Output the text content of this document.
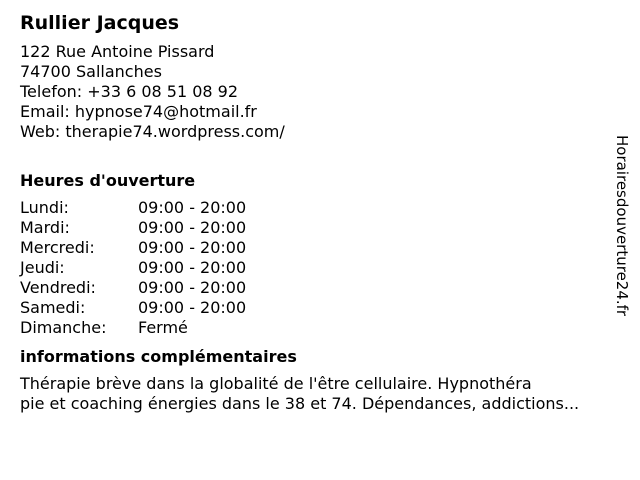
Rullier Jacques
122 Rue Antoine Pissard
74700 Sallanches
Telefon: +33 6 08 51 08 92
Email: hypnose74@hotmail.fr
Web: therapie74.wordpress.com/
Heures d'ouverture
Lundi:	09:00 - 20:00
Mardi:	09:00 - 20:00
Mercredi:	09:00 - 20:00
Jeudi:	09:00 - 20:00
Vendredi:	09:00 - 20:00
Samedi:	09:00 - 20:00
Dimanche:	Fermé
informations complémentaires
Thérapie brève dans la globalité de l'être cellulaire. Hypnothéra
pie et coaching énergies dans le 38 et 74. Dépendances, addictions...
Horairesdouverture24.fr
